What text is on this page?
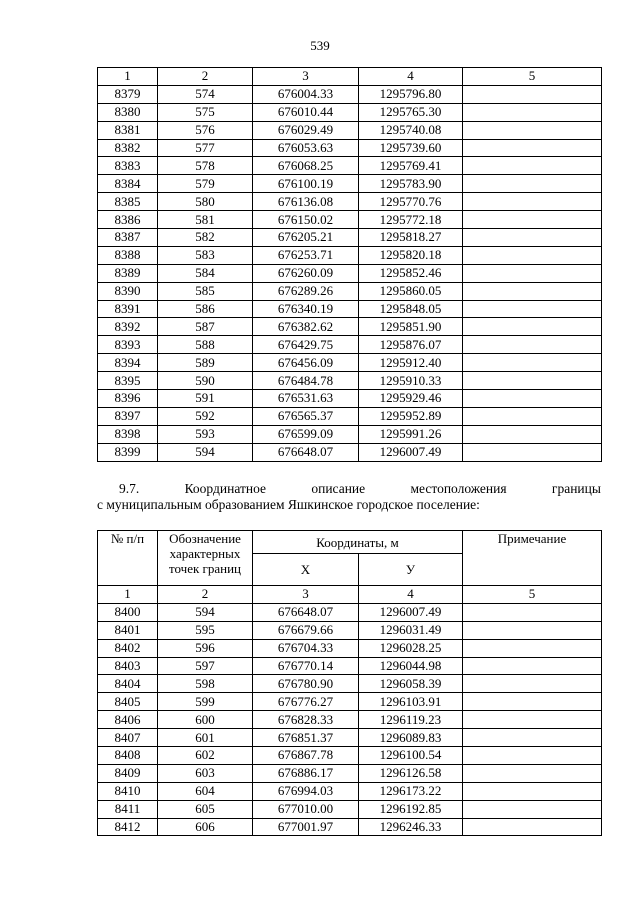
539
1	2	3	4	5
8379	574	676004.33	1295796.80	
8380	575	676010.44	1295765.30	
8381	576	676029.49	1295740.08	
8382	577	676053.63	1295739.60	
8383	578	676068.25	1295769.41	
8384	579	676100.19	1295783.90	
8385	580	676136.08	1295770.76	
8386	581	676150.02	1295772.18	
8387	582	676205.21	1295818.27	
8388	583	676253.71	1295820.18	
8389	584	676260.09	1295852.46	
8390	585	676289.26	1295860.05	
8391	586	676340.19	1295848.05	
8392	587	676382.62	1295851.90	
8393	588	676429.75	1295876.07	
8394	589	676456.09	1295912.40	
8395	590	676484.78	1295910.33	
8396	591	676531.63	1295929.46	
8397	592	676565.37	1295952.89	
8398	593	676599.09	1295991.26	
8399	594	676648.07	1296007.49	
9.7.	Координатное	описание	местоположения	границы
с муниципальным образованием Яшкинское городское поселение:
№ п/п	Обозначение характерных точек границ	Координаты, м		Примечание
		Х	У	
1	2	3	4	5
8400	594	676648.07	1296007.49	
8401	595	676679.66	1296031.49	
8402	596	676704.33	1296028.25	
8403	597	676770.14	1296044.98	
8404	598	676780.90	1296058.39	
8405	599	676776.27	1296103.91	
8406	600	676828.33	1296119.23	
8407	601	676851.37	1296089.83	
8408	602	676867.78	1296100.54	
8409	603	676886.17	1296126.58	
8410	604	676994.03	1296173.22	
8411	605	677010.00	1296192.85	
8412	606	677001.97	1296246.33	
